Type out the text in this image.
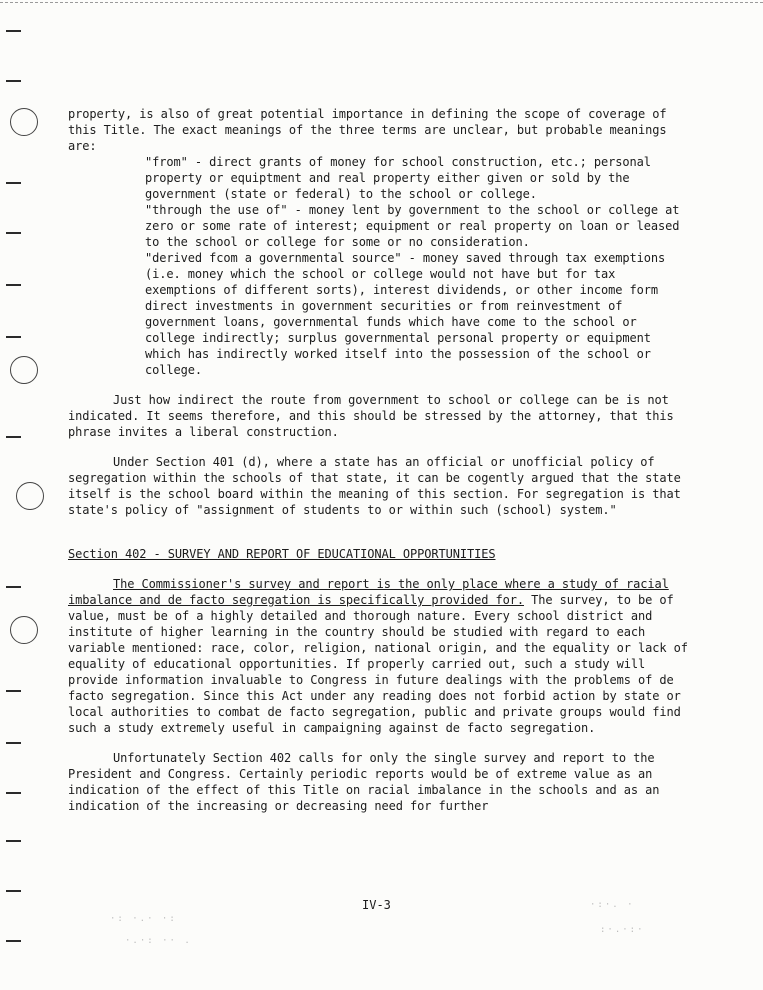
property, is also of great potential importance in defining the scope of coverage of this Title. The exact meanings of the three terms are unclear, but probable meanings are:

"from" - direct grants of money for school construction, etc.; personal property or equiptment and real property either given or sold by the government (state or federal) to the school or college.

"through the use of" - money lent by government to the school or college at zero or some rate of interest; equipment or real property on loan or leased to the school or college for some or no consideration.

"derived fcom a governmental source" - money saved through tax exemptions (i.e. money which the school or college would not have but for tax exemptions of different sorts), interest dividends, or other income form direct investments in government securities or from reinvestment of government loans, governmental funds which have come to the school or college indirectly; surplus governmental personal property or equipment which has indirectly worked itself into the possession of the school or college.

Just how indirect the route from government to school or college can be is not indicated. It seems therefore, and this should be stressed by the attorney, that this phrase invites a liberal construction.

Under Section 401 (d), where a state has an official or unofficial policy of segregation within the schools of that state, it can be cogently argued that the state itself is the school board within the meaning of this section. For segregation is that state's policy of "assignment of students to or within such (school) system."

Section 402 - SURVEY AND REPORT OF EDUCATIONAL OPPORTUNITIES

The Commissioner's survey and report is the only place where a study of racial imbalance and de facto segregation is specifically provided for. The survey, to be of value, must be of a highly detailed and thorough nature. Every school district and institute of higher learning in the country should be studied with regard to each variable mentioned: race, color, religion, national origin, and the equality or lack of equality of educational opportunities. If properly carried out, such a study will provide information invaluable to Congress in future dealings with the problems of de facto segregation. Since this Act under any reading does not forbid action by state or local authorities to combat de facto segregation, public and private groups would find such a study extremely useful in campaigning against de facto segregation.

Unfortunately Section 402 calls for only the single survey and report to the President and Congress. Certainly periodic reports would be of extreme value as an indication of the effect of this Title on racial imbalance in the schools and as an indication of the increasing or decreasing need for further

IV-3
·: ·.· ·:
·.·: ·· .
·:·. ·
:·.·:·
